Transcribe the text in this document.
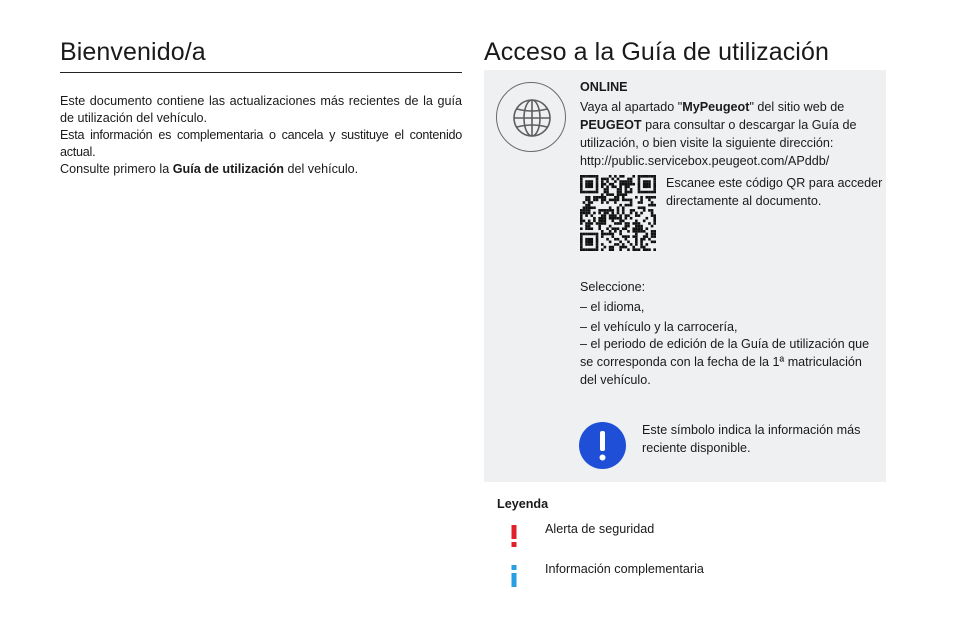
Bienvenido/a

Este documento contiene las actualizaciones más recientes de la guía de utilización del vehículo.

Esta información es complementaria o cancela y sustituye el contenido actual.

Consulte primero la Guía de utilización del vehículo.

Acceso a la Guía de utilización
ONLINE
Vaya al apartado "MyPeugeot" del sitio web de PEUGEOT para consultar o descargar la Guía de utilización, o bien visite la siguiente dirección:
http://public.servicebox.peugeot.com/APddb/
Escanee este código QR para acceder directamente al documento.
Seleccione:
– el idioma,
– el vehículo y la carrocería,
– el periodo de edición de la Guía de utilización que se corresponda con la fecha de la 1ª matriculación del vehículo.
Este símbolo indica la información más reciente disponible.
Leyenda
Alerta de seguridad
Información complementaria
